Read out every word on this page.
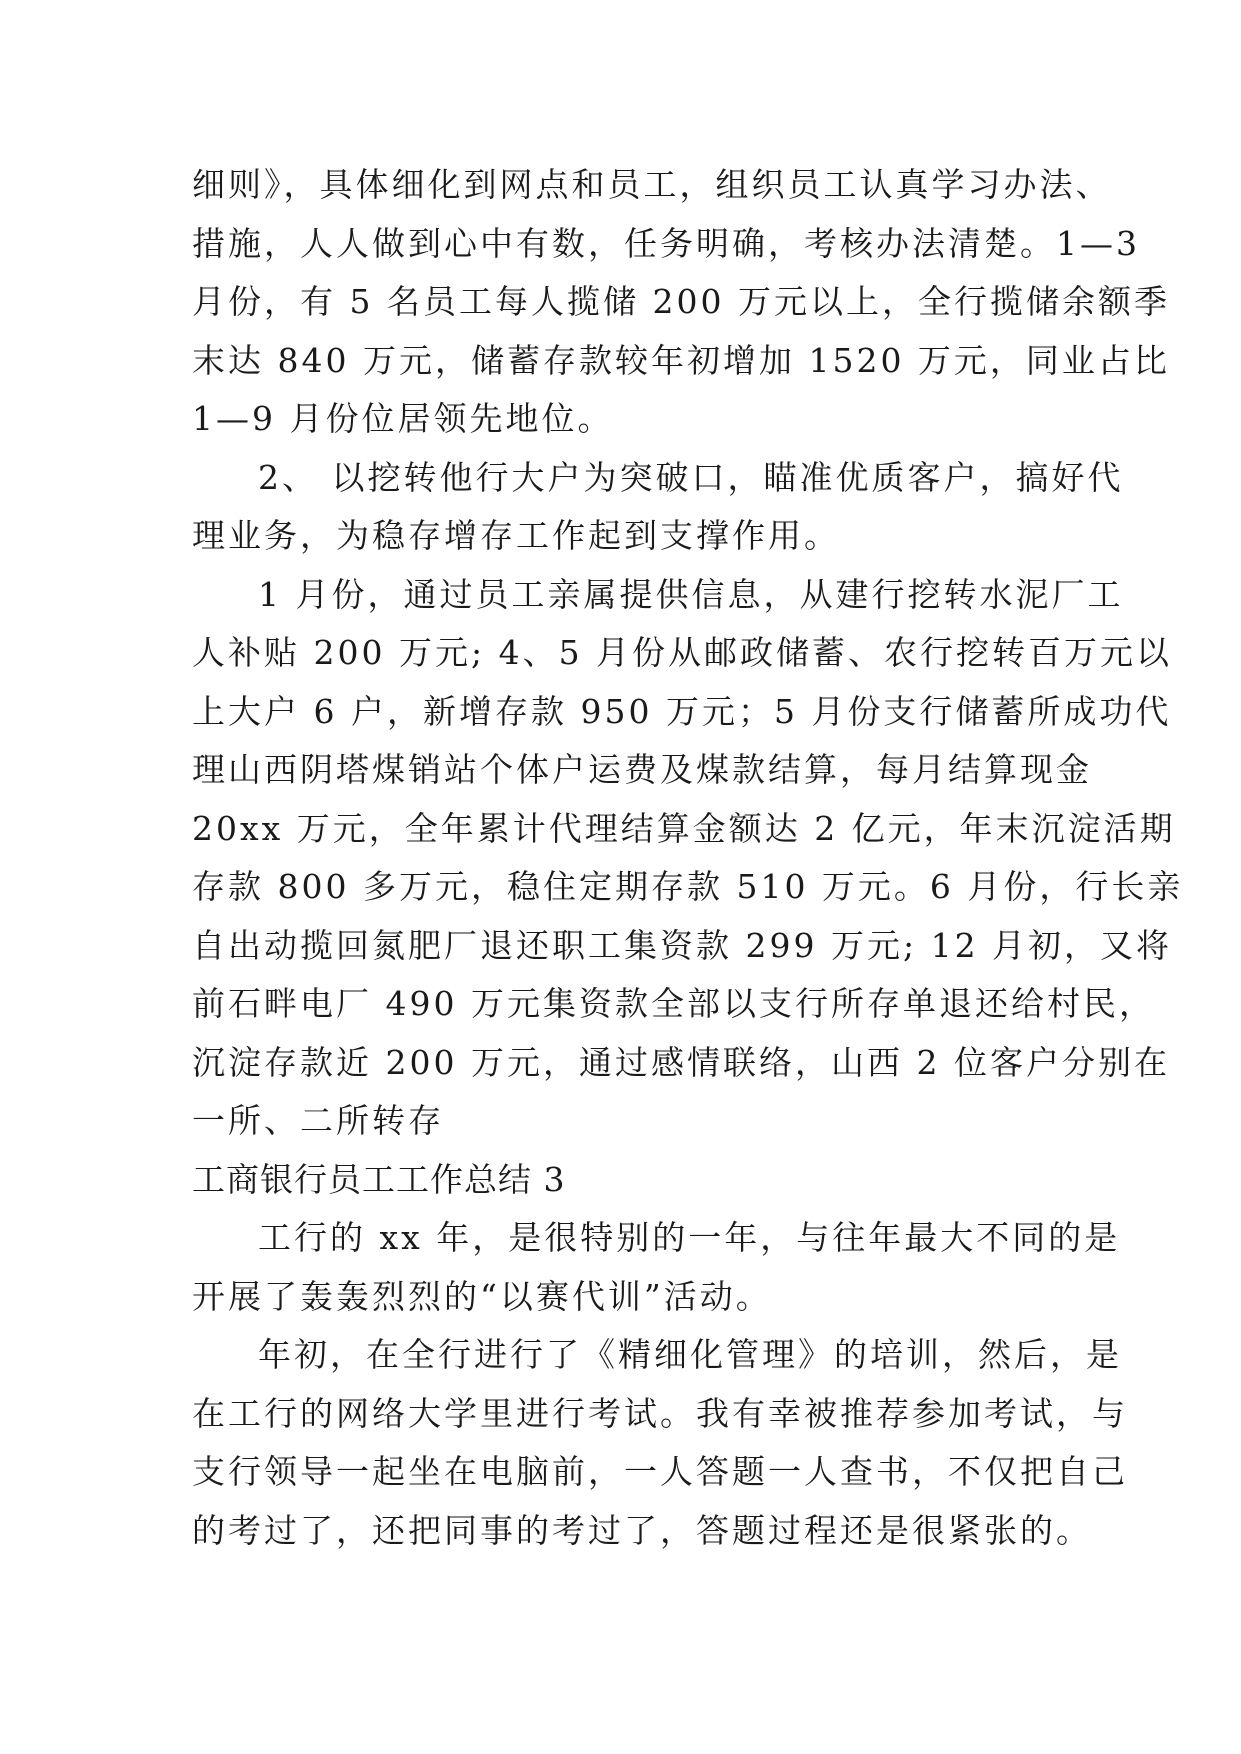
细则》，具体细化到网点和员工，组织员工认真学习办法、
措施，人人做到心中有数，任务明确，考核办法清楚。1—3
月份，有 5 名员工每人揽储 200 万元以上，全行揽储余额季
末达 840 万元，储蓄存款较年初增加 1520 万元，同业占比
1—9 月份位居领先地位。
2、 以挖转他行大户为突破口，瞄准优质客户，搞好代
理业务，为稳存增存工作起到支撑作用。
1 月份，通过员工亲属提供信息，从建行挖转水泥厂工
人补贴 200 万元; 4、5 月份从邮政储蓄、农行挖转百万元以
上大户 6 户，新增存款 950 万元；5 月份支行储蓄所成功代
理山西阴塔煤销站个体户运费及煤款结算，每月结算现金
20xx 万元，全年累计代理结算金额达 2 亿元，年末沉淀活期
存款 800 多万元，稳住定期存款 510 万元。6 月份，行长亲
自出动揽回氮肥厂退还职工集资款 299 万元; 12 月初，又将
前石畔电厂 490 万元集资款全部以支行所存单退还给村民，
沉淀存款近 200 万元，通过感情联络，山西 2 位客户分别在
一所、二所转存
工商银行员工工作总结 3
工行的 xx 年，是很特别的一年，与往年最大不同的是
开展了轰轰烈烈的“以赛代训”活动。
年初，在全行进行了《精细化管理》的培训，然后，是
在工行的网络大学里进行考试。我有幸被推荐参加考试，与
支行领导一起坐在电脑前，一人答题一人查书，不仅把自己
的考过了，还把同事的考过了，答题过程还是很紧张的。
